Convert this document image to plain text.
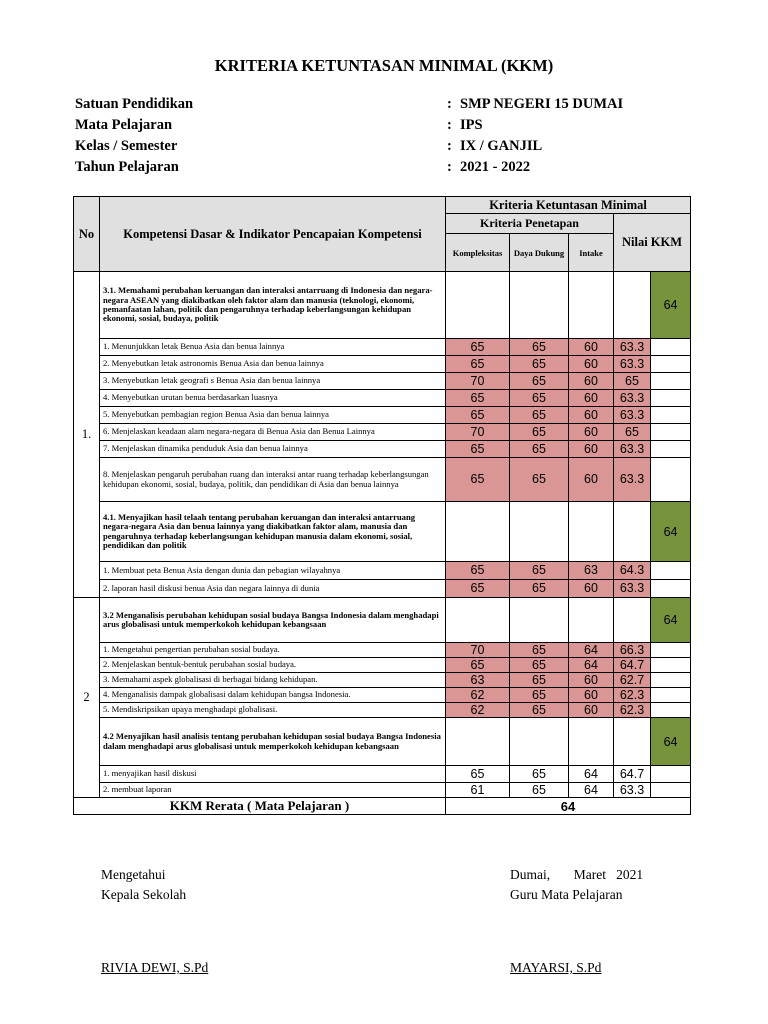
KRITERIA KETUNTASAN MINIMAL (KKM)
Satuan Pendidikan	: SMP NEGERI 15 DUMAI
Mata Pelajaran	: IPS
Kelas / Semester	: IX / GANJIL
Tahun Pelajaran	: 2021 - 2022
No	Kompetensi Dasar & Indikator Pencapaian Kompetensi	Kriteria Ketuntasan Minimal				
		Kriteria Penetapan			Nilai KKM	
		Kompleksitas	Daya Dukung	Intake		
1.	3.1. Memahami perubahan keruangan dan interaksi antarruang di Indonesia dan negara-negara ASEAN yang diakibatkan oleh faktor alam dan manusia (teknologi, ekonomi, pemanfaatan lahan, politik dan pengaruhnya terhadap keberlangsungan kehidupan ekonomi, sosial, budaya, politik					64
	1. Menunjukkan letak Benua Asia dan benua lainnya	65	65	60	63.3	
	2. Menyebutkan letak astronomis Benua Asia dan benua lainnya	65	65	60	63.3	
	3. Menyebutkan letak geografi s Benua Asia dan benua lainnya	70	65	60	65	
	4. Menyebutkan urutan benua berdasarkan luasnya	65	65	60	63.3	
	5. Menyebutkan pembagian region Benua Asia dan benua lainnya	65	65	60	63.3	
	6. Menjelaskan keadaan alam negara-negara di Benua Asia dan Benua Lainnya	70	65	60	65	
	7. Menjelaskan dinamika penduduk Asia dan benua lainnya	65	65	60	63.3	
	8. Menjelaskan pengaruh perubahan ruang dan interaksi antar ruang terhadap keberlangsungan kehidupan ekonomi, sosial, budaya, politik, dan pendidikan di Asia dan benua lainnya	65	65	60	63.3	
	4.1. Menyajikan hasil telaah tentang perubahan keruangan dan interaksi antarruang negara-negara Asia dan benua lainnya yang diakibatkan faktor alam, manusia dan pengaruhnya terhadap keberlangsungan kehidupan manusia dalam ekonomi, sosial, pendidikan dan politik					64
	1. Membuat peta Benua Asia dengan dunia dan pebagian wilayahnya	65	65	63	64.3	
	2. laporan hasil diskusi benua Asia dan negara lainnya di dunia	65	65	60	63.3	
2	3.2 Menganalisis perubahan kehidupan sosial budaya Bangsa Indonesia dalam menghadapi arus globalisasi untuk memperkokoh kehidupan kebangsaan					64
	1. Mengetahui pengertian perubahan sosial budaya.	70	65	64	66.3	
	2. Menjelaskan bentuk-bentuk perubahan sosial budaya.	65	65	64	64.7	
	3. Memahami aspek globalisasi di berbagai bidang kehidupan.	63	65	60	62.7	
	4. Menganalisis dampak globalisasi dalam kehidupan bangsa Indonesia.	62	65	60	62.3	
	5. Mendiskripsikan upaya menghadapi globalisasi.	62	65	60	62.3	
	4.2 Menyajikan hasil analisis tentang perubahan kehidupan sosial budaya Bangsa Indonesia dalam menghadapi arus globalisasi untuk memperkokoh kehidupan kebangsaan					64
	1. menyajikan hasil diskusi	65	65	64	64.7	
	2. membuat laporan	61	65	64	63.3	
KKM Rerata ( Mata Pelajaran )		64				
Mengetahui
Kepala Sekolah
RIVIA DEWI, S.Pd
Dumai,       Maret   2021
Guru Mata Pelajaran
MAYARSI, S.Pd
